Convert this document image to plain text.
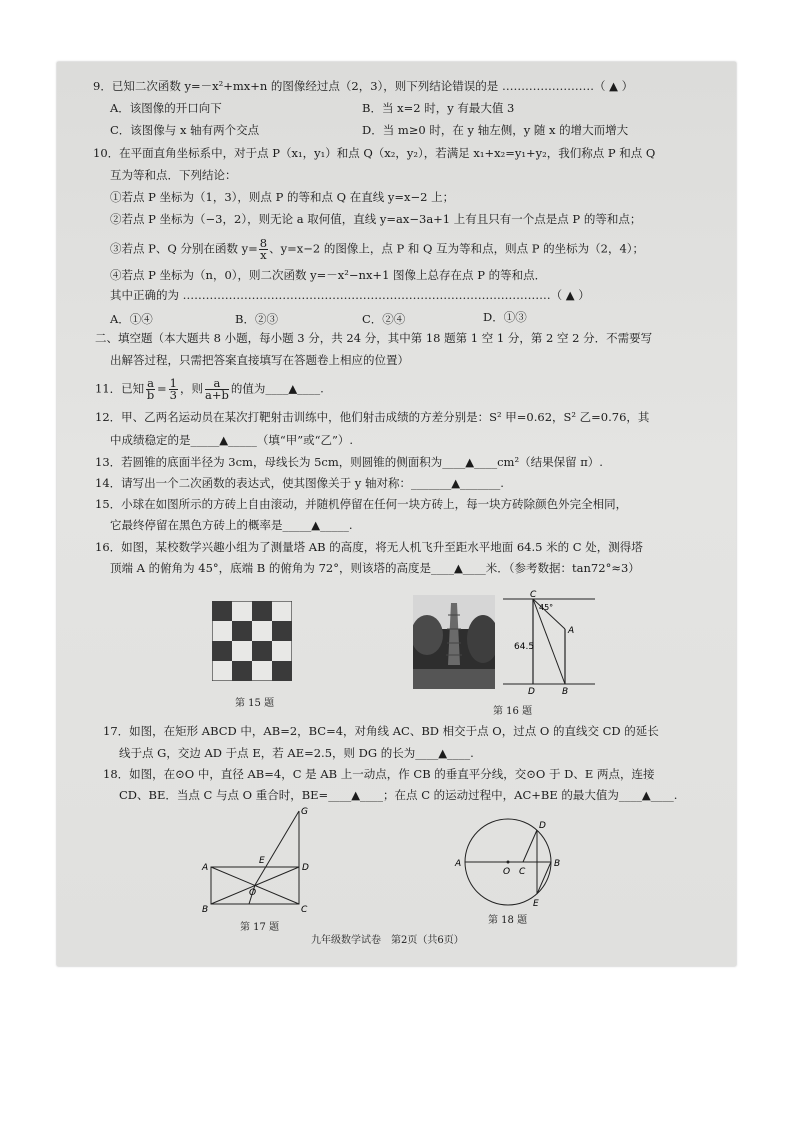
9．已知二次函数 y=－x²+mx+n 的图像经过点（2，3），则下列结论错误的是 ……………………（ ▲ ）
A．该图像的开口向下	B．当 x=2 时，y 有最大值 3
C．该图像与 x 轴有两个交点	D．当 m≥0 时，在 y 轴左侧，y 随 x 的增大而增大
10．在平面直角坐标系中，对于点 P（x₁，y₁）和点 Q（x₂，y₂），若满足 x₁+x₂=y₁+y₂，我们称点 P 和点 Q
互为等和点．下列结论：
①若点 P 坐标为（1，3），则点 P 的等和点 Q 在直线 y=x−2 上；
②若点 P 坐标为（−3，2），则无论 a 取何值，直线 y=ax−3a+1 上有且只有一个点是点 P 的等和点；
③若点 P、Q 分别在函数 $y= \frac{8}{x}$ 、y=x−2 的图像上，点 P 和 Q 互为等和点，则点 P 的坐标为（2，4）；
④若点 P 坐标为（n，0），则二次函数 y=－x²−nx+1 图像上总存在点 P 的等和点．
其中正确的为 ……………………………………………………………………………………（ ▲ ）
A．①④	B．②③	C．②④	D．①③
二、填空题（本大题共 8 小题，每小题 3 分，共 24 分，其中第 18 题第 1 空 1 分，第 2 空 2 分．不需要写
出解答过程，只需把答案直接填写在答题卷上相应的位置）
11．已知 $\frac{a}{b} = \frac{1}{3}$ ，则 $\frac{a}{a+b}$ 的值为____▲____.
12．甲、乙两名运动员在某次打靶射击训练中，他们射击成绩的方差分别是：S² 甲=0.62，S² 乙=0.76，其
中成绩稳定的是_____▲_____（填“甲”或“乙”）.
13．若圆锥的底面半径为 3cm，母线长为 5cm，则圆锥的侧面积为____▲____cm²（结果保留 π）.
14．请写出一个二次函数的表达式，使其图像关于 y 轴对称：_______▲_______.
15．小球在如图所示的方砖上自由滚动，并随机停留在任何一块方砖上，每一块方砖除颜色外完全相同，
它最终停留在黑色方砖上的概率是_____▲_____.
16．如图，某校数学兴趣小组为了测量塔 AB 的高度，将无人机飞升至距水平地面 64.5 米的 C 处，测得塔
顶端 A 的俯角为 45°，底端 B 的俯角为 72°，则该塔的高度是____▲____米．（参考数据：tan72°≈3）
第 15 题
C
45°
A
64.5
D	B
第 16 题
17．如图，在矩形 ABCD 中，AB=2，BC=4，对角线 AC、BD 相交于点 O，过点 O 的直线交 CD 的延长
线于点 G，交边 AD 于点 E，若 AE=2.5，则 DG 的长为____▲____.
18．如图，在⊙O 中，直径 AB=4，C 是 AB 上一动点，作 CB 的垂直平分线，交⊙O 于 D、E 两点，连接
CD、BE．当点 C 与点 O 重合时，BE=____▲____；在点 C 的运动过程中，AC+BE 的最大值为____▲____.
G
A
E
D
O
B	C
第 17 题
A
O C
B
D
E
第 18 题
九年级数学试卷　第2页（共6页）
